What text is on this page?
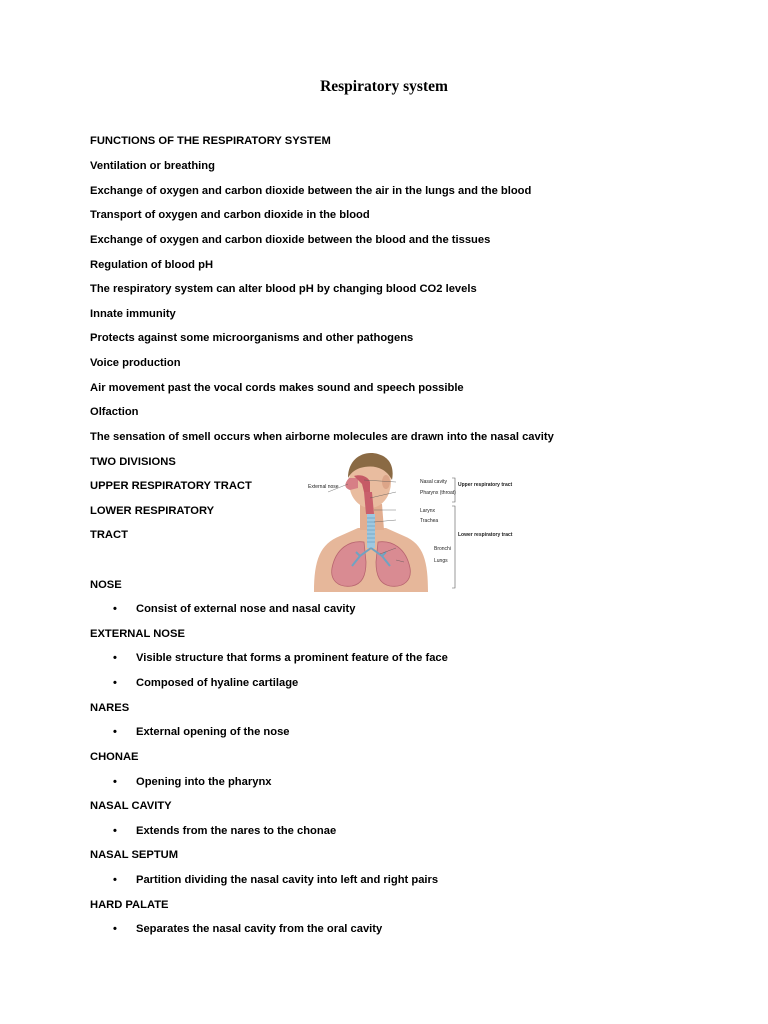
Respiratory system
FUNCTIONS OF THE RESPIRATORY SYSTEM
Ventilation or breathing
Exchange of oxygen and carbon dioxide between the air in the lungs and the blood
Transport of oxygen and carbon dioxide in the blood
Exchange of oxygen and carbon dioxide between the blood and the tissues
Regulation of blood pH
The respiratory system can alter blood pH by changing blood CO2 levels
Innate immunity
Protects against some microorganisms and other pathogens
Voice production
Air movement past the vocal cords makes sound and speech possible
Olfaction
The sensation of smell occurs when airborne molecules are drawn into the nasal cavity
TWO DIVISIONS
UPPER RESPIRATORY TRACT
LOWER RESPIRATORY
TRACT
External nose
Nasal cavity
Pharynx (throat)
Larynx
Trachea
Bronchi
Lungs
Upper respiratory tract
Lower respiratory tract
NOSE
• Consist of external nose and nasal cavity
EXTERNAL NOSE
• Visible structure that forms a prominent feature of the face
• Composed of hyaline cartilage
NARES
• External opening of the nose
CHONAE
• Opening into the pharynx
NASAL CAVITY
• Extends from the nares to the chonae
NASAL SEPTUM
• Partition dividing the nasal cavity into left and right pairs
HARD PALATE
• Separates the nasal cavity from the oral cavity
